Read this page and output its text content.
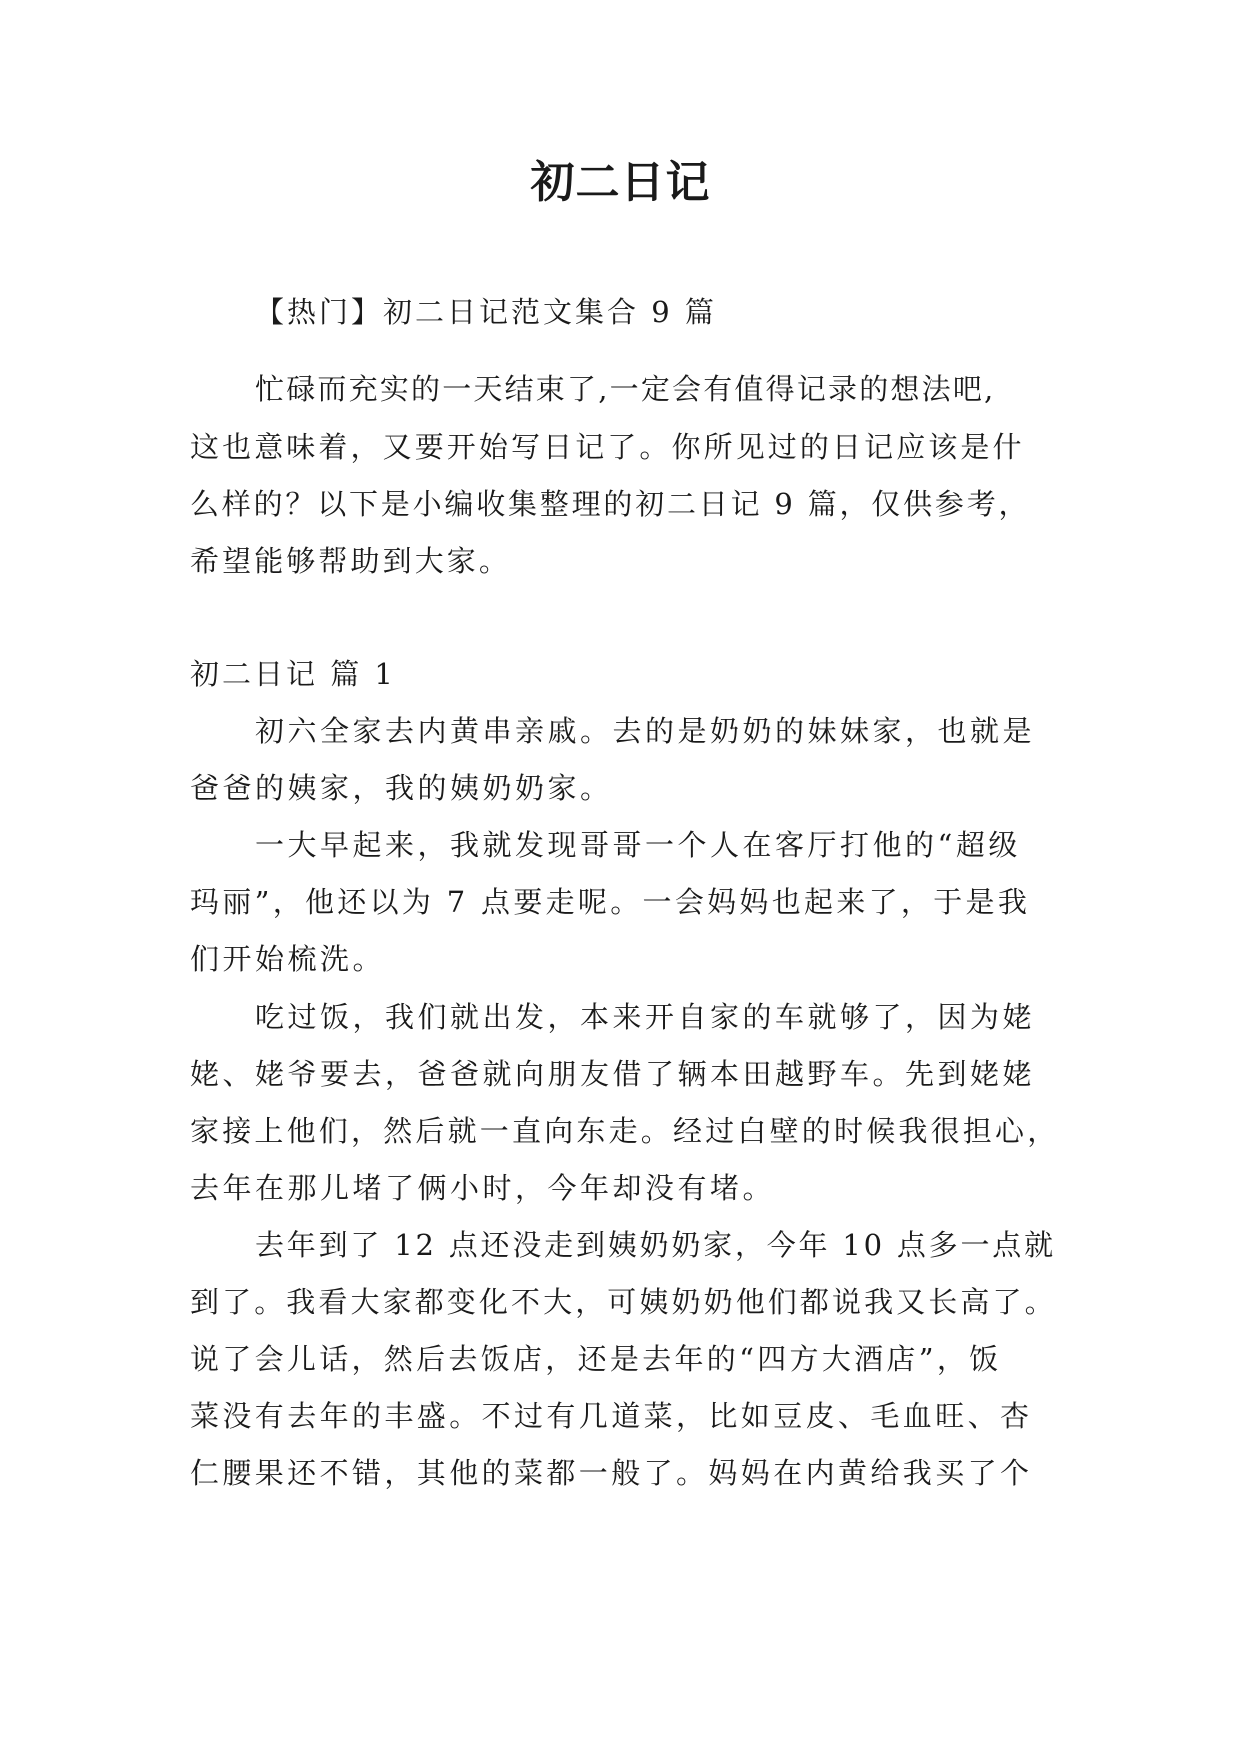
初二日记
【热门】初二日记范文集合 9 篇
忙碌而充实的一天结束了,一定会有值得记录的想法吧,
这也意味着，又要开始写日记了。你所见过的日记应该是什
么样的？以下是小编收集整理的初二日记 9 篇，仅供参考，
希望能够帮助到大家。
初二日记 篇 1
初六全家去内黄串亲戚。去的是奶奶的妹妹家，也就是
爸爸的姨家，我的姨奶奶家。
一大早起来，我就发现哥哥一个人在客厅打他的“超级
玛丽”，他还以为 7 点要走呢。一会妈妈也起来了，于是我
们开始梳洗。
吃过饭，我们就出发，本来开自家的车就够了，因为姥
姥、姥爷要去，爸爸就向朋友借了辆本田越野车。先到姥姥
家接上他们，然后就一直向东走。经过白壁的时候我很担心，
去年在那儿堵了俩小时，今年却没有堵。
去年到了 12 点还没走到姨奶奶家，今年 10 点多一点就
到了。我看大家都变化不大，可姨奶奶他们都说我又长高了。
说了会儿话，然后去饭店，还是去年的“四方大酒店”，饭
菜没有去年的丰盛。不过有几道菜，比如豆皮、毛血旺、杏
仁腰果还不错，其他的菜都一般了。妈妈在内黄给我买了个
